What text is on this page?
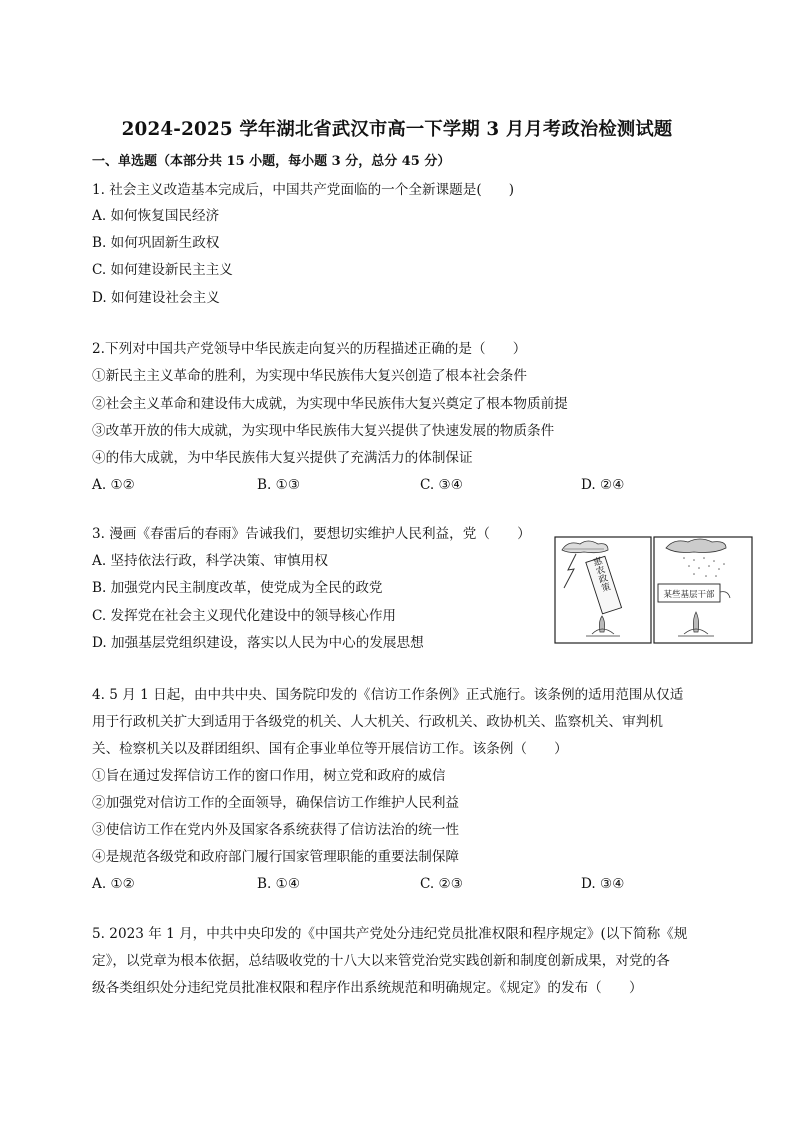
2024-2025 学年湖北省武汉市高一下学期 3 月月考政治检测试题
一、单选题（本部分共 15 小题，每小题 3 分，总分 45 分）
1. 社会主义改造基本完成后，中国共产党面临的一个全新课题是(　　)
A. 如何恢复国民经济
B. 如何巩固新生政权
C. 如何建设新民主主义
D. 如何建设社会主义
2.下列对中国共产党领导中华民族走向复兴的历程描述正确的是（　　）
①新民主主义革命的胜利，为实现中华民族伟大复兴创造了根本社会条件
②社会主义革命和建设伟大成就，为实现中华民族伟大复兴奠定了根本物质前提
③改革开放的伟大成就，为实现中华民族伟大复兴提供了快速发展的物质条件
④的伟大成就，为中华民族伟大复兴提供了充满活力的体制保证
A. ①②	B. ①③	C. ③④	D. ②④
3. 漫画《春雷后的春雨》告诫我们，要想切实维护人民利益，党（　　）
A. 坚持依法行政，科学决策、审慎用权
B. 加强党内民主制度改革，使党成为全民的政党
C. 发挥党在社会主义现代化建设中的领导核心作用
D. 加强基层党组织建设，落实以人民为中心的发展思想
惠农政策
某些基层干部
4. 5 月 1 日起，由中共中央、国务院印发的《信访工作条例》正式施行。该条例的适用范围从仅适
用于行政机关扩大到适用于各级党的机关、人大机关、行政机关、政协机关、监察机关、审判机
关、检察机关以及群团组织、国有企事业单位等开展信访工作。该条例（　　）
①旨在通过发挥信访工作的窗口作用，树立党和政府的威信
②加强党对信访工作的全面领导，确保信访工作维护人民利益
③使信访工作在党内外及国家各系统获得了信访法治的统一性
④是规范各级党和政府部门履行国家管理职能的重要法制保障
A. ①②	B. ①④	C. ②③	D. ③④
5. 2023 年 1 月，中共中央印发的《中国共产党处分违纪党员批准权限和程序规定》(以下简称《规
定》，以党章为根本依据，总结吸收党的十八大以来管党治党实践创新和制度创新成果，对党的各
级各类组织处分违纪党员批准权限和程序作出系统规范和明确规定。《规定》的发布（　　）
